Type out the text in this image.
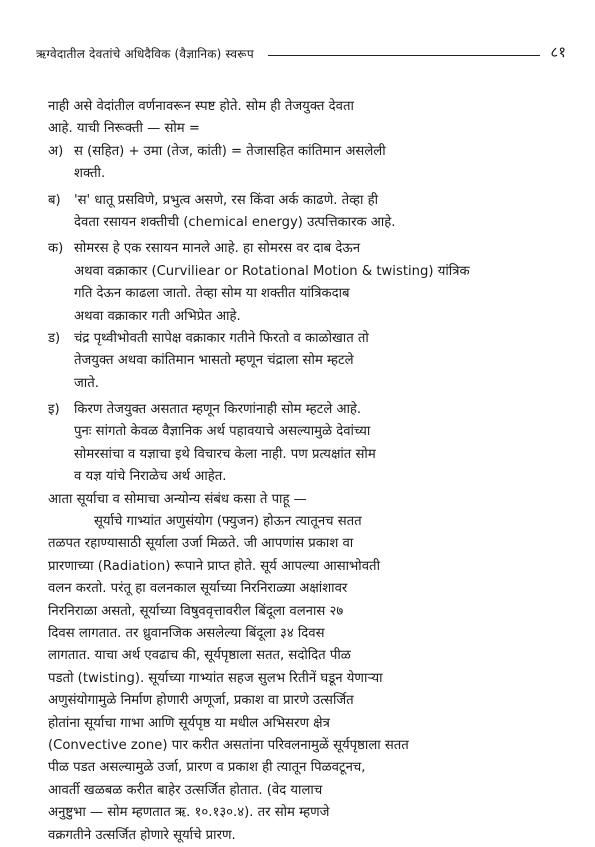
ऋग्वेदातील देवतांचे अधिदैविक (वैज्ञानिक) स्वरूप	८१
नाही असे वेदांतील वर्णनावरून स्पष्ट होते. सोम ही तेजयुक्त देवता
आहे. याची निरूक्ती — सोम =
अ) स (सहित) + उमा (तेज, कांती) = तेजासहित कांतिमान असलेली
शक्ती.
ब) 'स' धातू प्रसविणे, प्रभुत्व असणे, रस किंवा अर्क काढणे. तेव्हा ही
देवता रसायन शक्तीची (chemical energy) उत्पत्तिकारक आहे.
क) सोमरस हे एक रसायन मानले आहे. हा सोमरस वर दाब देऊन
अथवा वक्राकार (Curviliear or Rotational Motion & twisting) यांत्रिक
गति देऊन काढला जातो. तेव्हा सोम या शक्तीत यांत्रिकदाब
अथवा वक्राकार गती अभिप्रेत आहे.
ड) चंद्र पृथ्वीभोवती सापेक्ष वक्राकार गतीने फिरतो व काळोखात तो
तेजयुक्त अथवा कांतिमान भासतो म्हणून चंद्राला सोम म्हटले
जाते.
इ) किरण तेजयुक्त असतात म्हणून किरणांनाही सोम म्हटले आहे.
पुनः सांगतो केवळ वैज्ञानिक अर्थ पहावयाचे असल्यामुळे देवांच्या
सोमरसांचा व यज्ञाचा इथे विचारच केला नाही. पण प्रत्यक्षांत सोम
व यज्ञ यांचे निराळेच अर्थ आहेत.
आता सूर्याचा व सोमाचा अन्योन्य संबंध कसा ते पाहू —
सूर्याचे गाभ्यांत अणुसंयोग (फ्युजन) होऊन त्यातूनच सतत
तळपत रहाण्यासाठी सूर्याला उर्जा मिळते. जी आपणांस प्रकाश वा
प्रारणाच्या (Radiation) रूपाने प्राप्त होते. सूर्य आपल्या आसाभोवती
वलन करतो. परंतू हा वलनकाल सूर्याच्या निरनिराळ्या अक्षांशावर
निरनिराळा असतो, सूर्याच्या विषुववृत्तावरील बिंदूला वलनास २७
दिवस लागतात. तर ध्रुवानजिक असलेल्या बिंदूला ३४ दिवस
लागतात. याचा अर्थ एवढाच की, सूर्यपृष्ठाला सतत, सदोदित पीळ
पडतो (twisting). सूर्याच्या गाभ्यांत सहज सुलभ रितीनें घडून येणाऱ्या
अणुसंयोगामुळे निर्माण होणारी अणूर्जा, प्रकाश वा प्रारणे उत्सर्जित
होतांना सूर्याचा गाभा आणि सूर्यपृष्ठ या मधील अभिसरण क्षेत्र
(Convective zone) पार करीत असतांना परिवलनामुळें सूर्यपृष्ठाला सतत
पीळ पडत असल्यामुळे उर्जा, प्रारण व प्रकाश ही त्यातून पिळवटूनच,
आवर्ती खळबळ करीत बाहेर उत्सर्जित होतात. (वेद यालाच
अनुष्टुभा — सोम म्हणतात ऋ. १०.१३०.४). तर सोम म्हणजे
वक्रगतीने उत्सर्जित होणारे सूर्याचे प्रारण.
